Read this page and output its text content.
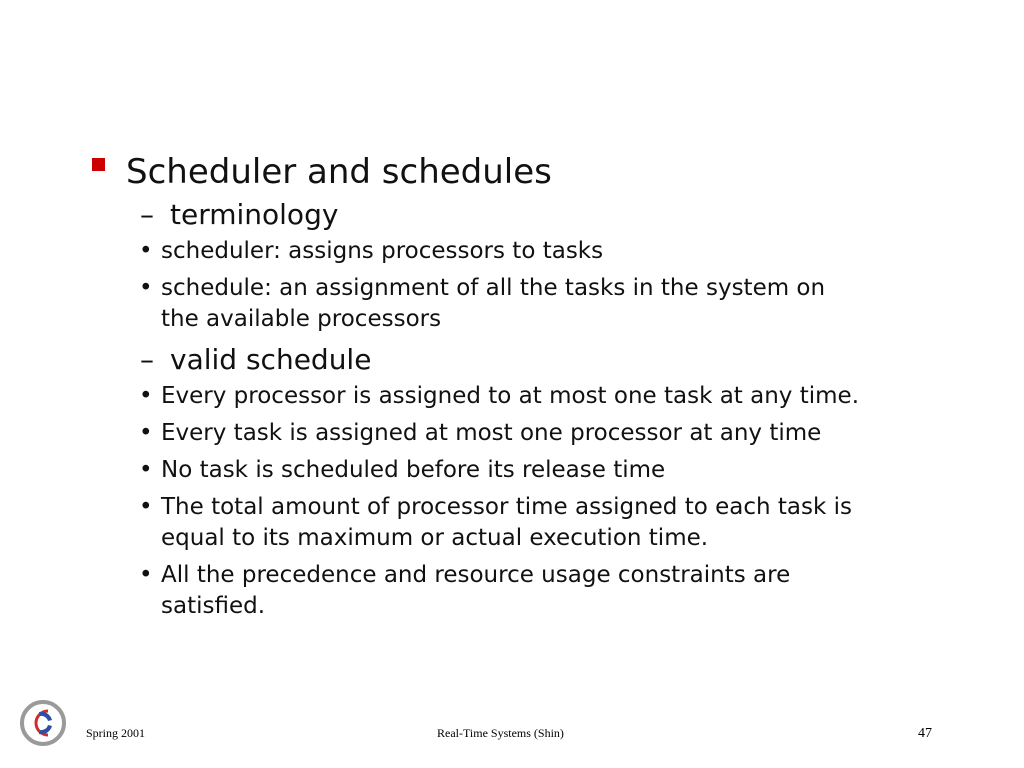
Scheduler and schedules
– terminology
• scheduler: assigns processors to tasks
• schedule: an assignment of all the tasks in the system on the available processors
– valid schedule
• Every processor is assigned to at most one task at any time.
• Every task is assigned at most one processor at any time
• No task is scheduled before its release time
• The total amount of processor time assigned to each task is equal to its maximum or actual execution time.
• All the precedence and resource usage constraints are satisfied.
Spring 2001	Real-Time Systems (Shin)	47
